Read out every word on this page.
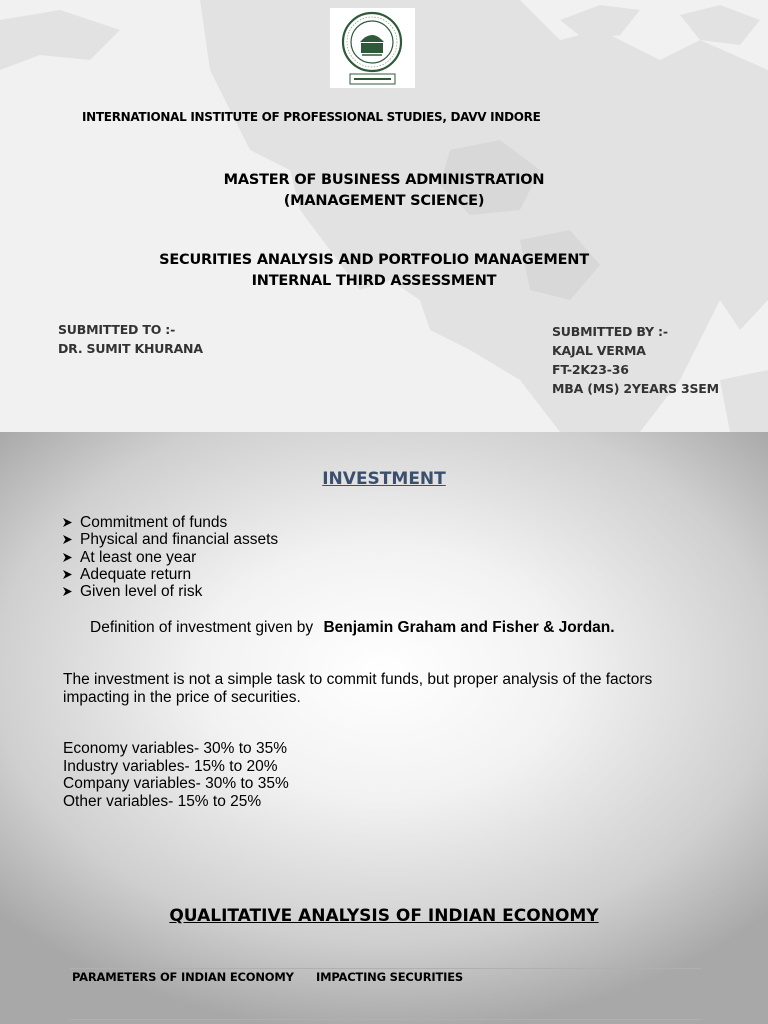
INTERNATIONAL INSTITUTE OF PROFESSIONAL STUDIES, DAVV INDORE
MASTER OF BUSINESS ADMINISTRATION
(MANAGEMENT SCIENCE)
SECURITIES ANALYSIS AND PORTFOLIO MANAGEMENT
INTERNAL THIRD ASSESSMENT
SUBMITTED TO :-
DR. SUMIT KHURANA
SUBMITTED BY :-
KAJAL VERMA
FT-2K23-36
MBA (MS) 2YEARS 3SEM
INVESTMENT
Commitment of funds
Physical and financial assets
At least one year
Adequate return
Given level of risk
Definition of investment given by Benjamin Graham and Fisher & Jordan.
The investment is not a simple task to commit funds, but proper analysis of the factors impacting in the price of securities.
Economy variables- 30% to 35%
Industry variables- 15% to 20%
Company variables- 30% to 35%
Other variables- 15% to 25%
QUALITATIVE ANALYSIS OF INDIAN ECONOMY
PARAMETERS OF INDIAN ECONOMY IMPACTING SECURITIES
